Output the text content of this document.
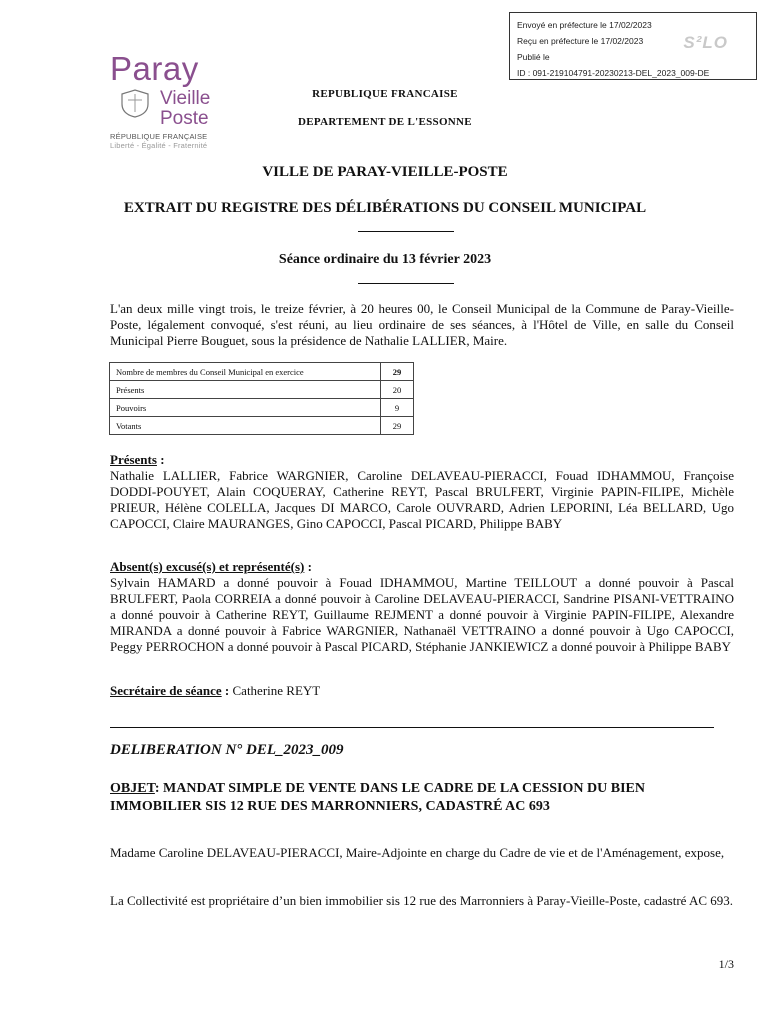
Envoyé en préfecture le 17/02/2023
Reçu en préfecture le 17/02/2023
Publié le
ID : 091-219104791-20230213-DEL_2023_009-DE
S²LO
Paray
Vieille
Poste
RÉPUBLIQUE FRANÇAISE
Liberté - Égalité - Fraternité
REPUBLIQUE FRANCAISE
DEPARTEMENT DE L'ESSONNE
VILLE DE PARAY-VIEILLE-POSTE
EXTRAIT DU REGISTRE DES DÉLIBÉRATIONS DU CONSEIL MUNICIPAL
Séance ordinaire du 13 février 2023
L'an deux mille vingt trois, le treize février, à 20 heures 00, le Conseil Municipal de la Commune de Paray-Vieille-Poste, légalement convoqué, s'est réuni, au lieu ordinaire de ses séances, à l'Hôtel de Ville, en salle du Conseil Municipal Pierre Bouguet, sous la présidence de Nathalie LALLIER, Maire.
Nombre de membres du Conseil Municipal en exercice	29
Présents	20
Pouvoirs	9
Votants	29
Présents :
Nathalie LALLIER, Fabrice WARGNIER, Caroline DELAVEAU-PIERACCI, Fouad IDHAMMOU, Françoise DODDI-POUYET, Alain COQUERAY, Catherine REYT, Pascal BRULFERT, Virginie PAPIN-FILIPE, Michèle PRIEUR, Hélène COLELLA, Jacques DI MARCO, Carole OUVRARD, Adrien LEPORINI, Léa BELLARD, Ugo CAPOCCI, Claire MAURANGES, Gino CAPOCCI, Pascal PICARD, Philippe BABY
Absent(s) excusé(s) et représenté(s) :
Sylvain HAMARD a donné pouvoir à Fouad IDHAMMOU, Martine TEILLOUT a donné pouvoir à Pascal BRULFERT, Paola CORREIA a donné pouvoir à Caroline DELAVEAU-PIERACCI, Sandrine PISANI-VETTRAINO a donné pouvoir à Catherine REYT, Guillaume REJMENT a donné pouvoir à Virginie PAPIN-FILIPE, Alexandre MIRANDA a donné pouvoir à Fabrice WARGNIER, Nathanaël VETTRAINO a donné pouvoir à Ugo CAPOCCI, Peggy PERROCHON a donné pouvoir à Pascal PICARD, Stéphanie JANKIEWICZ a donné pouvoir à Philippe BABY
Secrétaire de séance : Catherine REYT
DELIBERATION N° DEL_2023_009
OBJET: MANDAT SIMPLE DE VENTE DANS LE CADRE DE LA CESSION DU BIEN IMMOBILIER SIS 12 RUE DES MARRONNIERS, CADASTRÉ AC 693
Madame Caroline DELAVEAU-PIERACCI, Maire-Adjointe en charge du Cadre de vie et de l'Aménagement, expose,
La Collectivité est propriétaire d’un bien immobilier sis 12 rue des Marronniers à Paray-Vieille-Poste, cadastré AC 693.
1/3
